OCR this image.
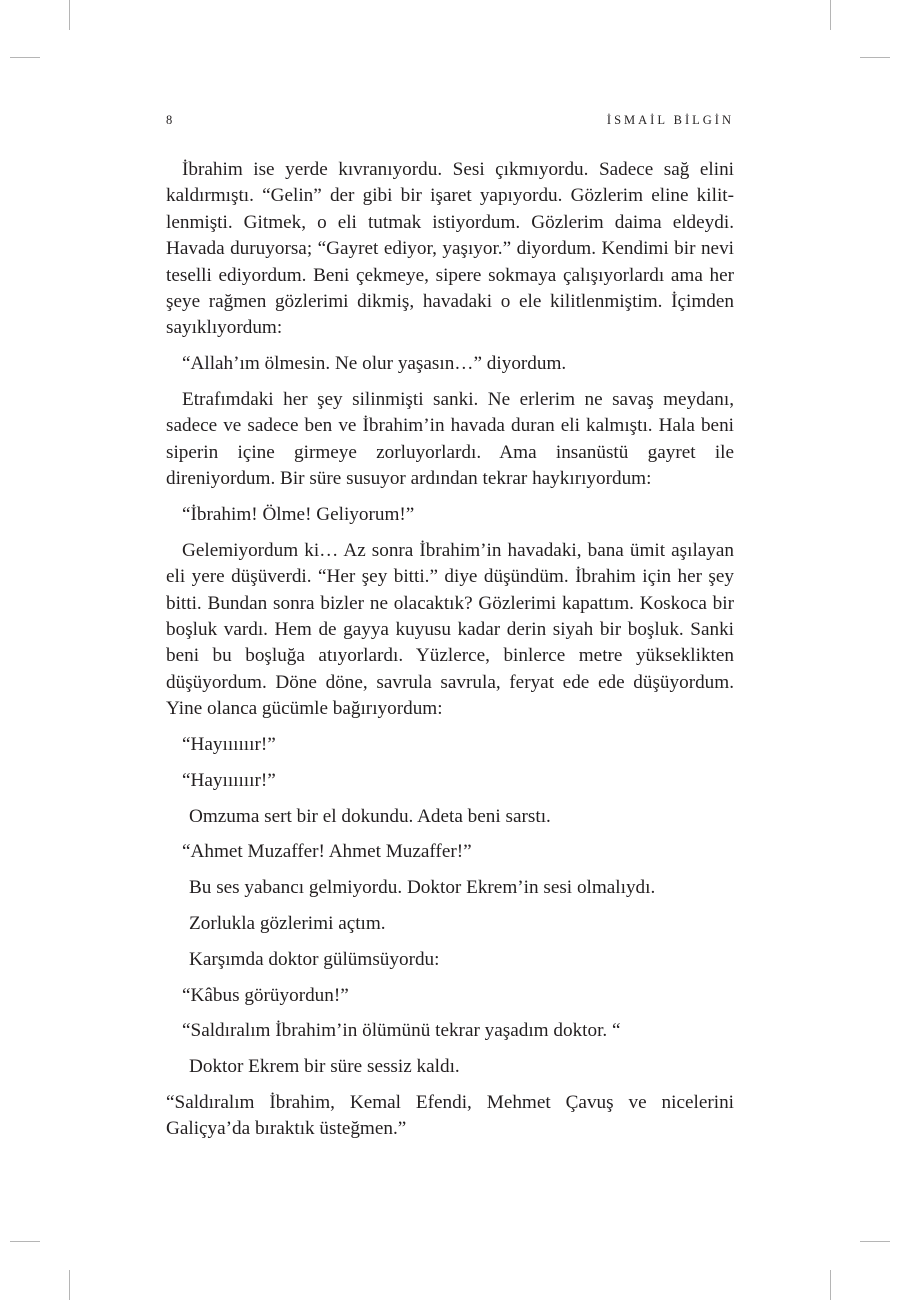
8	İSMAİL BİLGİN

İbrahim ise yerde kıvranıyordu. Sesi çıkmıyordu. Sadece sağ elini kaldırmıştı. “Gelin” der gibi bir işaret yapıyordu. Gözlerim eline kilitlenmişti. Gitmek, o eli tutmak istiyordum. Gözlerim daima eldeydi. Havada duruyorsa; “Gayret ediyor, yaşıyor.” diyordum. Kendimi bir nevi teselli ediyordum. Beni çekmeye, sipere sokmaya çalışıyorlardı ama her şeye rağmen gözlerimi dikmiş, havadaki o ele kilitlenmiştim. İçimden sayıklıyordum:

“Allah’ım ölmesin. Ne olur yaşasın…” diyordum.

Etrafımdaki her şey silinmişti sanki. Ne erlerim ne savaş meydanı, sadece ve sadece ben ve İbrahim’in havada duran eli kalmıştı. Hala beni siperin içine girmeye zorluyorlardı. Ama insanüstü gayret ile direniyordum. Bir süre susuyor ardından tekrar haykırıyordum:

“İbrahim! Ölme! Geliyorum!”

Gelemiyordum ki… Az sonra İbrahim’in havadaki, bana ümit aşılayan eli yere düşüverdi. “Her şey bitti.” diye düşündüm. İbrahim için her şey bitti. Bundan sonra bizler ne olacaktık? Gözlerimi kapattım. Koskoca bir boşluk vardı. Hem de gayya kuyusu kadar derin siyah bir boşluk. Sanki beni bu boşluğa atıyorlardı. Yüzlerce, binlerce metre yükseklikten düşüyordum. Döne döne, savrula savrula, feryat ede ede düşüyordum. Yine olanca gücümle bağırıyordum:

“Hayıııııır!”

“Hayıııııır!”

Omzuma sert bir el dokundu. Adeta beni sarstı.

“Ahmet Muzaffer! Ahmet Muzaffer!”

Bu ses yabancı gelmiyordu. Doktor Ekrem’in sesi olmalıydı.

Zorlukla gözlerimi açtım.

Karşımda doktor gülümsüyordu:

“Kâbus görüyordun!”

“Saldıralım İbrahim’in ölümünü tekrar yaşadım doktor. “

Doktor Ekrem bir süre sessiz kaldı.

“Saldıralım İbrahim, Kemal Efendi, Mehmet Çavuş ve nicelerini Galiçya’da bıraktık üsteğmen.”
